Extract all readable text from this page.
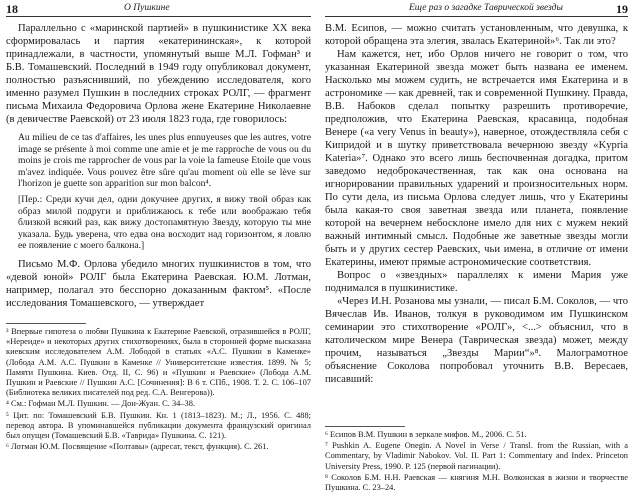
18	О Пушкине

Параллельно с «маринской партией» в пушкинистике XX века сформировалась и партия «екатерининская», к которой принадлежали, в частности, упомянутый выше М.Л. Гофман³ и Б.В. Томашевский. Последний в 1949 году опубликовал документ, полностью разъяснивший, по убеждению исследователя, кого именно разумел Пушкин в последних строках РОЛГ, — фрагмент письма Михаила Федоровича Орлова жене Екатерине Николаевне (в девичестве Раевской) от 23 июля 1823 года, где говорилось:

Au milieu de ce tas d'affaires, les unes plus ennuyeuses que les autres, votre image se présente à moi comme une amie et je me rapproche de vous ou du moins je crois me rapprocher de vous par la voie la fameuse Etoile que vous m'avez indiquée. Vous pouvez être sûre qu'au moment où elle se lève sur l'horizon je guette son apparition sur mon balcon⁴.

[Пер.: Среди кучи дел, одни докучнее других, я вижу твой образ как образ милой подруги и приближаюсь к тебе или воображаю тебя близкой всякий раз, как вижу достопамятную Звезду, которую ты мне указала. Будь уверена, что едва она восходит над горизонтом, я ловлю ее появление с моего балкона.]

Письмо М.Ф. Орлова убедило многих пушкинистов в том, что «девой юной» РОЛГ была Екатерина Раевская. Ю.М. Лотман, например, полагал это бесспорно доказанным фактом⁵. «После исследования Томашевского, — утверждает

³ Впервые гипотеза о любви Пушкина к Екатерине Раевской, отразившейся в РОЛГ, «Нереиде» и некоторых других стихотворениях, была в сторонней форме высказана киевским исследователем А.М. Лободой в статьях «А.С. Пушкин в Каменке» (Лобода А.М. А.С. Пушкин в Каменке // Университетские известия. 1899. № 5; Памяти Пушкина. Киев. Отд. II, С. 96) и «Пушкин и Раевские» (Лобода А.М. Пушкин и Раевские // Пушкин А.С. [Сочинения]: В 6 т. СПб., 1908. Т. 2. С. 106–107 (Библиотека великих писателей под ред. С.А. Венгерова)).

⁴ См.: Гофман М.Л. Пушкин. — Дон-Жуан. С. 34–38.

⁵ Цит. по: Томашевский Б.В. Пушкин. Кн. 1 (1813–1823). М.; Л., 1956. С. 488; перевод автора. В упоминавшейся публикации документа французский оригинал был опущен (Томашевский Б.В. «Таврида» Пушкина. С. 121).

⁶ Лотман Ю.М. Посвящение «Полтавы» (адресат, текст, функция). С. 261.

Еще раз о загадке Таврической звезды	19

В.М. Есипов, — можно считать установленным, что девушка, к которой обращена эта элегия, звалась Екатериной»⁶. Так ли это?

Нам кажется, нет, ибо Орлов ничего не говорит о том, что указанная Екатериной звезда может быть названа ее именем. Насколько мы можем судить, не встречается имя Екатерина и в астрономике — как древней, так и современной Пушкину. Правда, В.В. Набоков сделал попытку разрешить противоречие, предположив, что Екатерина Раевская, красавица, подобная Венере («a very Venus in beauty»), наверное, отождествляла себя с Кипридой и в шутку приветствовала вечернюю звезду «Kypria Kateria»⁷. Однако это всего лишь беспочвенная догадка, притом заведомо недоброкачественная, так как она основана на игнорировании правильных ударений и произносительных норм. По сути дела, из письма Орлова следует лишь, что у Екатерины была какая-то своя заветная звезда или планета, появление которой на вечернем небосклоне имело для них с мужем некий важный интимный смысл. Подобные же заветные звезды могли быть и у других сестер Раевских, чьи имена, в отличие от имени Екатерины, имеют прямые астрономические соответствия.

Вопрос о «звездных» параллелях к имени Мария уже поднимался в пушкинистике.

«Через И.Н. Розанова мы узнали, — писал Б.М. Соколов, — что Вячеслав Ив. Иванов, толкуя в руководимом им Пушкинском семинарии это стихотворение «РОЛГ», <...> объяснил, что в католическом мире Венера (Таврическая звезда) может, между прочим, называться „Звезды Марии“»⁸. Малограмотное объяснение Соколова попробовал уточнить В.В. Вересаев, писавший:

⁶ Есипов В.М. Пушкин в зеркале мифов. М., 2006. С. 51.

⁷ Pushkin A. Eugene Onegin. A Novel in Verse / Transl. from the Russian, with a Commentary, by Vladimir Nabokov. Vol. II. Part 1: Commentary and Index. Princeton University Press, 1990. P. 125 (первой пагинации).

⁸ Соколов Б.М. Н.Н. Раевская — княгиня М.Н. Волконская в жизни и творчестве Пушкина. С. 23–24.
